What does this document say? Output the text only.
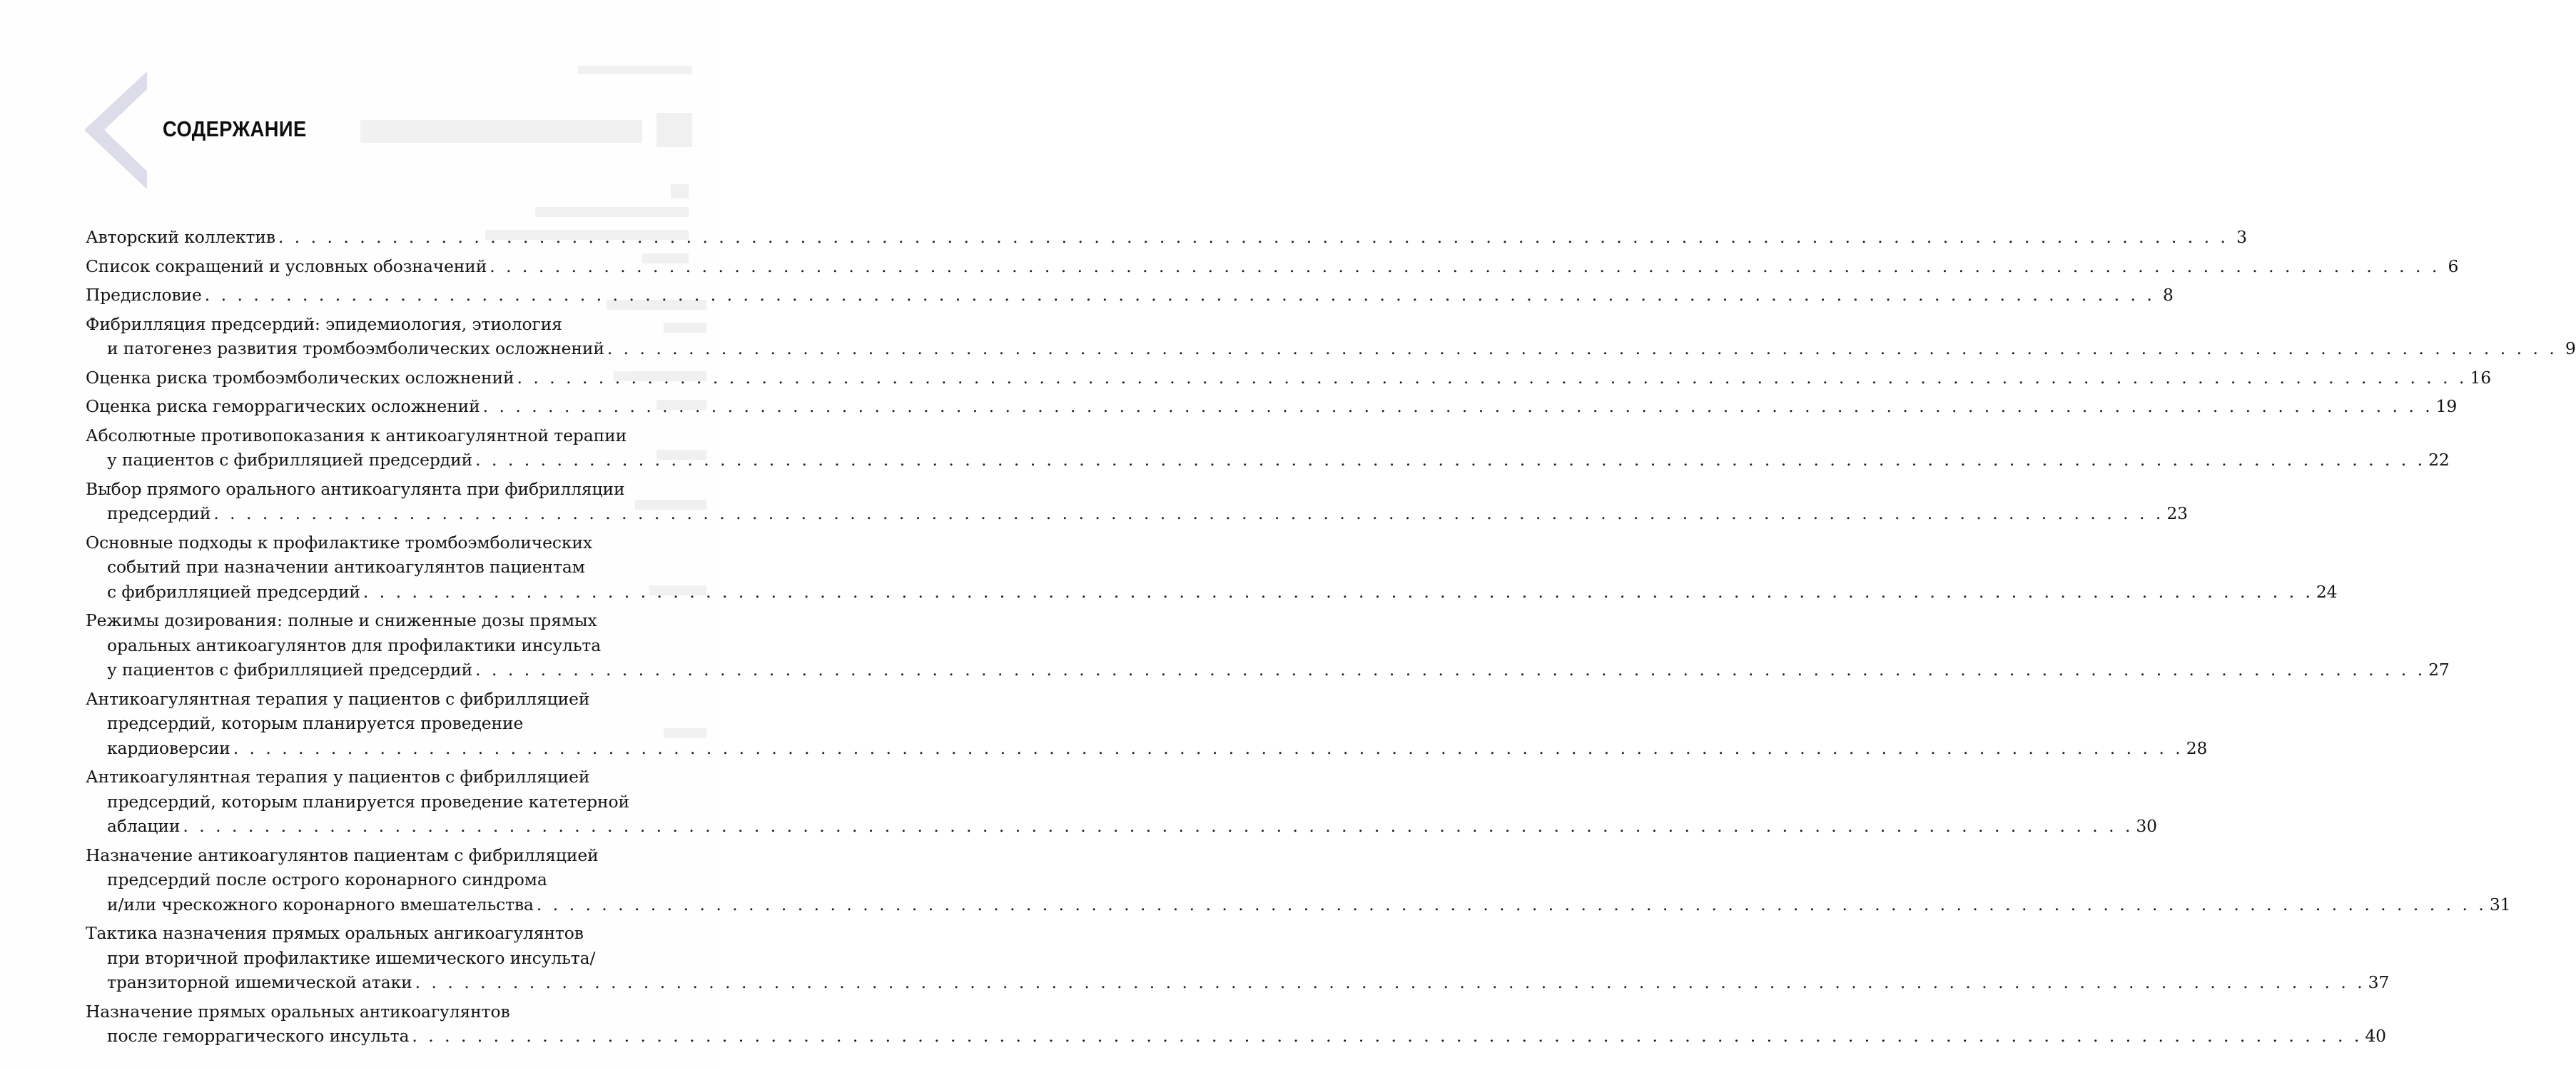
СОДЕРЖАНИЕ
Авторский коллектив . . . . . . . . . . . . . . . . . . . . . . . . . . . . . . . . . . . . . . . . . . . . . . . . . . . . . . . . . . . . . . . . . . . . . . . . . . . . . . . . . . . . . . . . . . . . . . . . . . . . . . . . . . . . . . . . . . . . . . . . 3
Список сокращений и условных обозначений . . . . . . . . . . . . . . . . . . . . . . . . . . . . . . . . . . . . . . . . . . . . . . . . . . . . . . . . . . . . . . . . . . . . . . . . . . . . . . . . . . . . . . . . . . . . . . . . . . . . . . . . . . . . . . . . . . . . . . . . 6
Предисловие . . . . . . . . . . . . . . . . . . . . . . . . . . . . . . . . . . . . . . . . . . . . . . . . . . . . . . . . . . . . . . . . . . . . . . . . . . . . . . . . . . . . . . . . . . . . . . . . . . . . . . . . . . . . . . . . . . . . . . . . 8
Фибрилляция предсердий: эпидемиология, этиология
и патогенез развития тромбоэмболических осложнений . . . . . . . . . . . . . . . . . . . . . . . . . . . . . . . . . . . . . . . . . . . . . . . . . . . . . . . . . . . . . . . . . . . . . . . . . . . . . . . . . . . . . . . . . . . . . . . . . . . . . . . . . . . . . . . . . . . . . . . . 9
Оценка риска тромбоэмболических осложнений . . . . . . . . . . . . . . . . . . . . . . . . . . . . . . . . . . . . . . . . . . . . . . . . . . . . . . . . . . . . . . . . . . . . . . . . . . . . . . . . . . . . . . . . . . . . . . . . . . . . . . . . . . . . . . . . . . . . . . . . 16
Оценка риска геморрагических осложнений . . . . . . . . . . . . . . . . . . . . . . . . . . . . . . . . . . . . . . . . . . . . . . . . . . . . . . . . . . . . . . . . . . . . . . . . . . . . . . . . . . . . . . . . . . . . . . . . . . . . . . . . . . . . . . . . . . . . . . . . 19
Абсолютные противопоказания к антикоагулянтной терапии
у пациентов с фибрилляцией предсердий . . . . . . . . . . . . . . . . . . . . . . . . . . . . . . . . . . . . . . . . . . . . . . . . . . . . . . . . . . . . . . . . . . . . . . . . . . . . . . . . . . . . . . . . . . . . . . . . . . . . . . . . . . . . . . . . . . . . . . . . 22
Выбор прямого орального антикоагулянта при фибрилляции
предсердий . . . . . . . . . . . . . . . . . . . . . . . . . . . . . . . . . . . . . . . . . . . . . . . . . . . . . . . . . . . . . . . . . . . . . . . . . . . . . . . . . . . . . . . . . . . . . . . . . . . . . . . . . . . . . . . . . . . . . . . . 23
Основные подходы к профилактике тромбоэмболических
событий при назначении антикоагулянтов пациентам
с фибрилляцией предсердий . . . . . . . . . . . . . . . . . . . . . . . . . . . . . . . . . . . . . . . . . . . . . . . . . . . . . . . . . . . . . . . . . . . . . . . . . . . . . . . . . . . . . . . . . . . . . . . . . . . . . . . . . . . . . . . . . . . . . . . . 24
Режимы дозирования: полные и сниженные дозы прямых
оральных антикоагулянтов для профилактики инсульта
у пациентов с фибрилляцией предсердий . . . . . . . . . . . . . . . . . . . . . . . . . . . . . . . . . . . . . . . . . . . . . . . . . . . . . . . . . . . . . . . . . . . . . . . . . . . . . . . . . . . . . . . . . . . . . . . . . . . . . . . . . . . . . . . . . . . . . . . . 27
Антикоагулянтная терапия у пациентов с фибрилляцией
предсердий, которым планируется проведение
кардиоверсии . . . . . . . . . . . . . . . . . . . . . . . . . . . . . . . . . . . . . . . . . . . . . . . . . . . . . . . . . . . . . . . . . . . . . . . . . . . . . . . . . . . . . . . . . . . . . . . . . . . . . . . . . . . . . . . . . . . . . . . . 28
Антикоагулянтная терапия у пациентов с фибрилляцией
предсердий, которым планируется проведение катетерной
аблации . . . . . . . . . . . . . . . . . . . . . . . . . . . . . . . . . . . . . . . . . . . . . . . . . . . . . . . . . . . . . . . . . . . . . . . . . . . . . . . . . . . . . . . . . . . . . . . . . . . . . . . . . . . . . . . . . . . . . . . . 30
Назначение антикоагулянтов пациентам с фибрилляцией
предсердий после острого коронарного синдрома
и/или чрескожного коронарного вмешательства . . . . . . . . . . . . . . . . . . . . . . . . . . . . . . . . . . . . . . . . . . . . . . . . . . . . . . . . . . . . . . . . . . . . . . . . . . . . . . . . . . . . . . . . . . . . . . . . . . . . . . . . . . . . . . . . . . . . . . . . 31
Тактика назначения прямых оральных ангикоагулянтов
при вторичной профилактике ишемического инсульта/
транзиторной ишемической атаки . . . . . . . . . . . . . . . . . . . . . . . . . . . . . . . . . . . . . . . . . . . . . . . . . . . . . . . . . . . . . . . . . . . . . . . . . . . . . . . . . . . . . . . . . . . . . . . . . . . . . . . . . . . . . . . . . . . . . . . . 37
Назначение прямых оральных антикоагулянтов
после геморрагического инсульта . . . . . . . . . . . . . . . . . . . . . . . . . . . . . . . . . . . . . . . . . . . . . . . . . . . . . . . . . . . . . . . . . . . . . . . . . . . . . . . . . . . . . . . . . . . . . . . . . . . . . . . . . . . . . . . . . . . . . . . . 40
